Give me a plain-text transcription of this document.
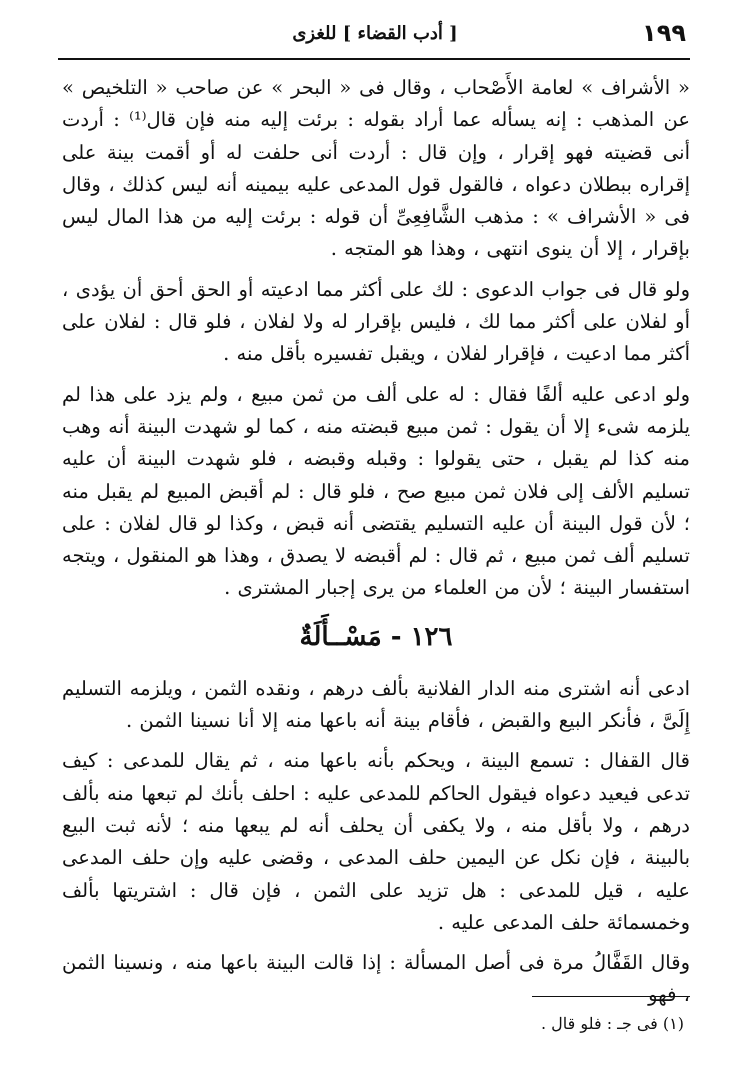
١٩٩
[ أدب القضاء ] للغزى

« الأشراف » لعامة الأَصْحاب ، وقال فى « البحر » عن صاحب « التلخيص » عن المذهب : إنه يسأله عما أراد بقوله : برئت إليه منه فإن قال⁽¹⁾ : أردت أنى قضيته فهو إقرار ، وإن قال : أردت أنى حلفت له أو أقمت بينة على إقراره ببطلان دعواه ، فالقول قول المدعى عليه بيمينه أنه ليس كذلك ، وقال فى « الأشراف » : مذهب الشَّافِعِىِّ أن قوله : برئت إليه من هذا المال ليس بإقرار ، إلا أن ينوى انتهى ، وهذا هو المتجه .

ولو قال فى جواب الدعوى : لك على أكثر مما ادعيته أو الحق أحق أن يؤدى ، أو لفلان على أكثر مما لك ، فليس بإقرار له ولا لفلان ، فلو قال : لفلان على أكثر مما ادعيت ، فإقرار لفلان ، ويقبل تفسيره بأقل منه .

ولو ادعى عليه ألفًا فقال : له على ألف من ثمن مبيع ، ولم يزد على هذا لم يلزمه شىء إلا أن يقول : ثمن مبيع قبضته منه ، كما لو شهدت البينة أنه وهب منه كذا لم يقبل ، حتى يقولوا : وقبله وقبضه ، فلو شهدت البينة أن عليه تسليم الألف إلى فلان ثمن مبيع صح ، فلو قال : لم أقبض المبيع لم يقبل منه ؛ لأن قول البينة أن عليه التسليم يقتضى أنه قبض ، وكذا لو قال لفلان : على تسليم ألف ثمن مبيع ، ثم قال : لم أقبضه لا يصدق ، وهذا هو المنقول ، ويتجه استفسار البينة ؛ لأن من العلماء من يرى إجبار المشترى .

١٢٦ - مَسْــأَلَةٌ

ادعى أنه اشترى منه الدار الفلانية بألف درهم ، ونقده الثمن ، ويلزمه التسليم إِلَىَّ ، فأنكر البيع والقبض ، فأقام بينة أنه باعها منه إلا أنا نسينا الثمن .

قال القفال : تسمع البينة ، ويحكم بأنه باعها منه ، ثم يقال للمدعى : كيف تدعى فيعيد دعواه فيقول الحاكم للمدعى عليه : احلف بأنك لم تبعها منه بألف درهم ، ولا بأقل منه ، ولا يكفى أن يحلف أنه لم يبعها منه ؛ لأنه ثبت البيع بالبينة ، فإن نكل عن اليمين حلف المدعى ، وقضى عليه وإن حلف المدعى عليه ، قيل للمدعى : هل تزيد على الثمن ، فإن قال : اشتريتها بألف وخمسمائة حلف المدعى عليه .

وقال القَفَّالُ مرة فى أصل المسألة : إذا قالت البينة باعها منه ، ونسينا الثمن ، فهو

(١) فى جـ : فلو قال .
